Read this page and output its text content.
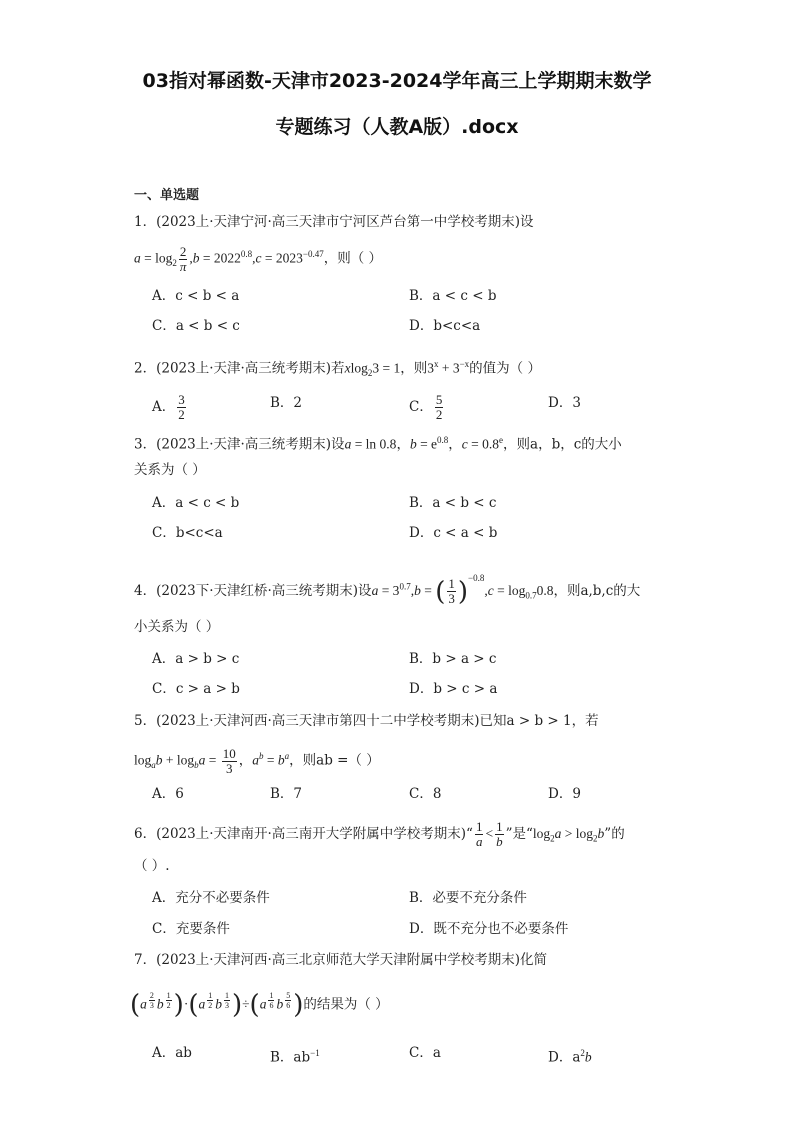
03指对幂函数-天津市2023-2024学年高三上学期期末数学
专题练习（人教A版）.docx
一、单选题
1．(2023上·天津宁河·高三天津市宁河区芦台第一中学校考期末)设
$a = \log_2 \frac{2}{\pi} ,b = 2022^{0.8},c = 2023^{-0.47}$，则（ ）
A．c < b < a	B．a < c < b
C．a < b < c	D．b<c<a
2．(2023上·天津·高三统考期末)若xlog$_2$3 = 1，则$3^x + 3^{-x}$的值为（ ）
A． $\frac{3}{2}$	B．2	C． $\frac{5}{2}$	D．3
3．(2023上·天津·高三统考期末)设a = ln 0.8，$b = e^{0.8}$，c = 0.8$^e$，则a，b，c的大小
关系为（ ）
A．a < c < b	B．a < b < c
C．b<c<a	D．c < a < b
4．(2023下·天津红桥·高三统考期末)设$a = 3^{0.7},b$ = ( $\frac{1}{3} )^{-0.8},c = \log_{0.7}0.8$，则a,b,c的大
小关系为（ ）
A．a > b > c	B．b > a > c
C．c > a > b	D．b > c > a
5．(2023上·天津河西·高三天津市第四十二中学校考期末)已知a > b > 1，若
$\log_ab + \log_ba = \frac{10}{3}$ ，$a^b = b^a$，则ab =（ ）
A．6	B．7	C．8	D．9
6．(2023上·天津南开·高三南开大学附属中学校考期末)“ $\frac{1}{a} < \frac{1}{b}$ ”是“$\log_2a > \log_2b$”的
（ ）.
A．充分不必要条件	B．必要不充分条件
C．充要条件	D．既不充分也不必要条件
7．(2023上·天津河西·高三北京师范大学天津附属中学校考期末)化简
(a $^{\frac{2}{3}}$ b $^{\frac{1}{2}}$ )·(a $^{\frac{1}{2}}$ b $^{\frac{1}{3}}$ )÷(a $^{\frac{1}{6}}$ b $^{\frac{5}{6}}$ )的结果为（ ）
A．ab	B．$ab^{-1}$	C．a	D．$a^2b$
